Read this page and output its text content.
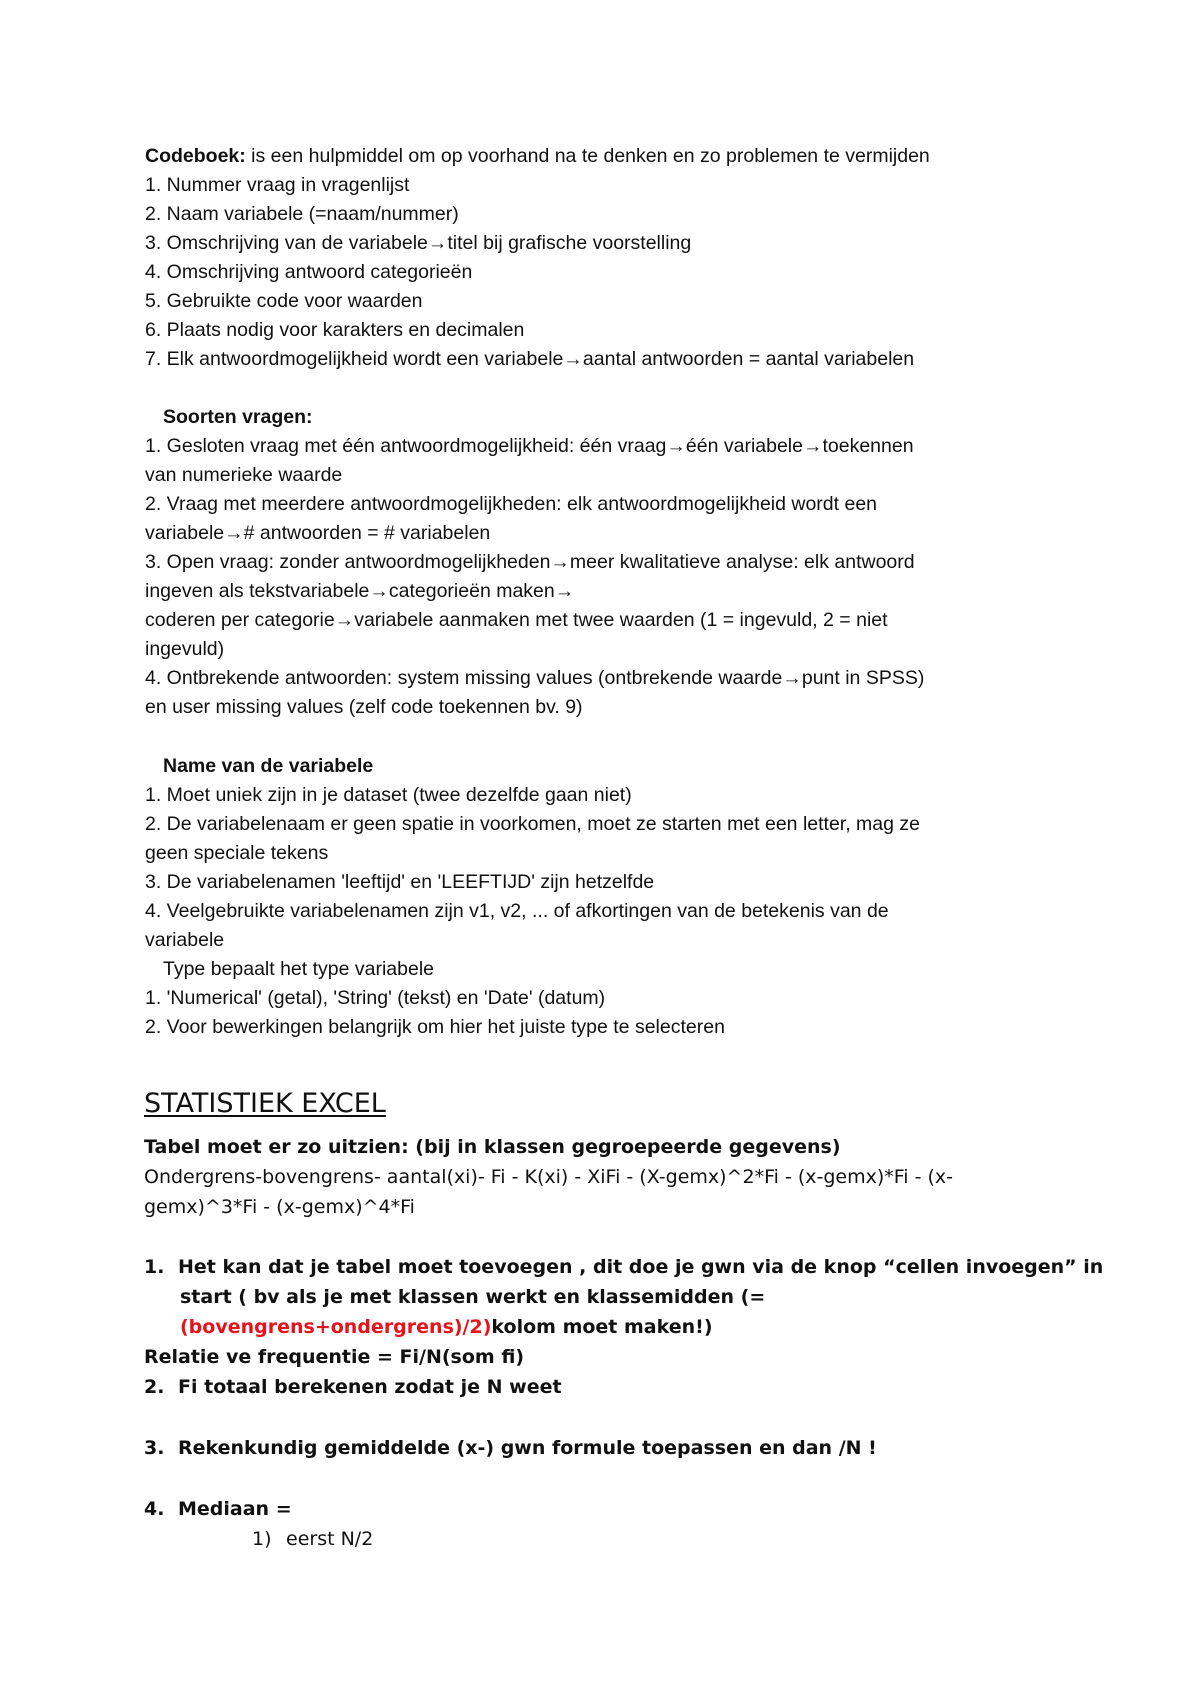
Codeboek: is een hulpmiddel om op voorhand na te denken en zo problemen te vermijden
1. Nummer vraag in vragenlijst
2. Naam variabele (=naam/nummer)
3. Omschrijving van de variabele→titel bij grafische voorstelling
4. Omschrijving antwoord categorieën
5. Gebruikte code voor waarden
6. Plaats nodig voor karakters en decimalen
7. Elk antwoordmogelijkheid wordt een variabele→aantal antwoorden = aantal variabelen
Soorten vragen:
1. Gesloten vraag met één antwoordmogelijkheid: één vraag→één variabele→toekennen
van numerieke waarde
2. Vraag met meerdere antwoordmogelijkheden: elk antwoordmogelijkheid wordt een
variabele→# antwoorden = # variabelen
3. Open vraag: zonder antwoordmogelijkheden→meer kwalitatieve analyse: elk antwoord
ingeven als tekstvariabele→categorieën maken→
coderen per categorie→variabele aanmaken met twee waarden (1 = ingevuld, 2 = niet
ingevuld)
4. Ontbrekende antwoorden: system missing values (ontbrekende waarde→punt in SPSS)
en user missing values (zelf code toekennen bv. 9)
Name van de variabele
1. Moet uniek zijn in je dataset (twee dezelfde gaan niet)
2. De variabelenaam er geen spatie in voorkomen, moet ze starten met een letter, mag ze
geen speciale tekens
3. De variabelenamen 'leeftijd' en 'LEEFTIJD' zijn hetzelfde
4. Veelgebruikte variabelenamen zijn v1, v2, ... of afkortingen van de betekenis van de
variabele
Type bepaalt het type variabele
1. 'Numerical' (getal), 'String' (tekst) en 'Date' (datum)
2. Voor bewerkingen belangrijk om hier het juiste type te selecteren
STATISTIEK EXCEL
Tabel moet er zo uitzien: (bij in klassen gegroepeerde gegevens)
Ondergrens-bovengrens- aantal(xi)- Fi - K(xi) - XiFi - (X-gemx)^2*Fi - (x-gemx)*Fi - (x-
gemx)^3*Fi - (x-gemx)^4*Fi
1. Het kan dat je tabel moet toevoegen , dit doe je gwn via de knop “cellen invoegen” in
start ( bv als je met klassen werkt en klassemidden (=
(bovengrens+ondergrens)/2)kolom moet maken!)
Relatie ve frequentie = Fi/N(som fi)
2. Fi totaal berekenen zodat je N weet
3. Rekenkundig gemiddelde (x-) gwn formule toepassen en dan /N !
4. Mediaan =
1) eerst N/2
